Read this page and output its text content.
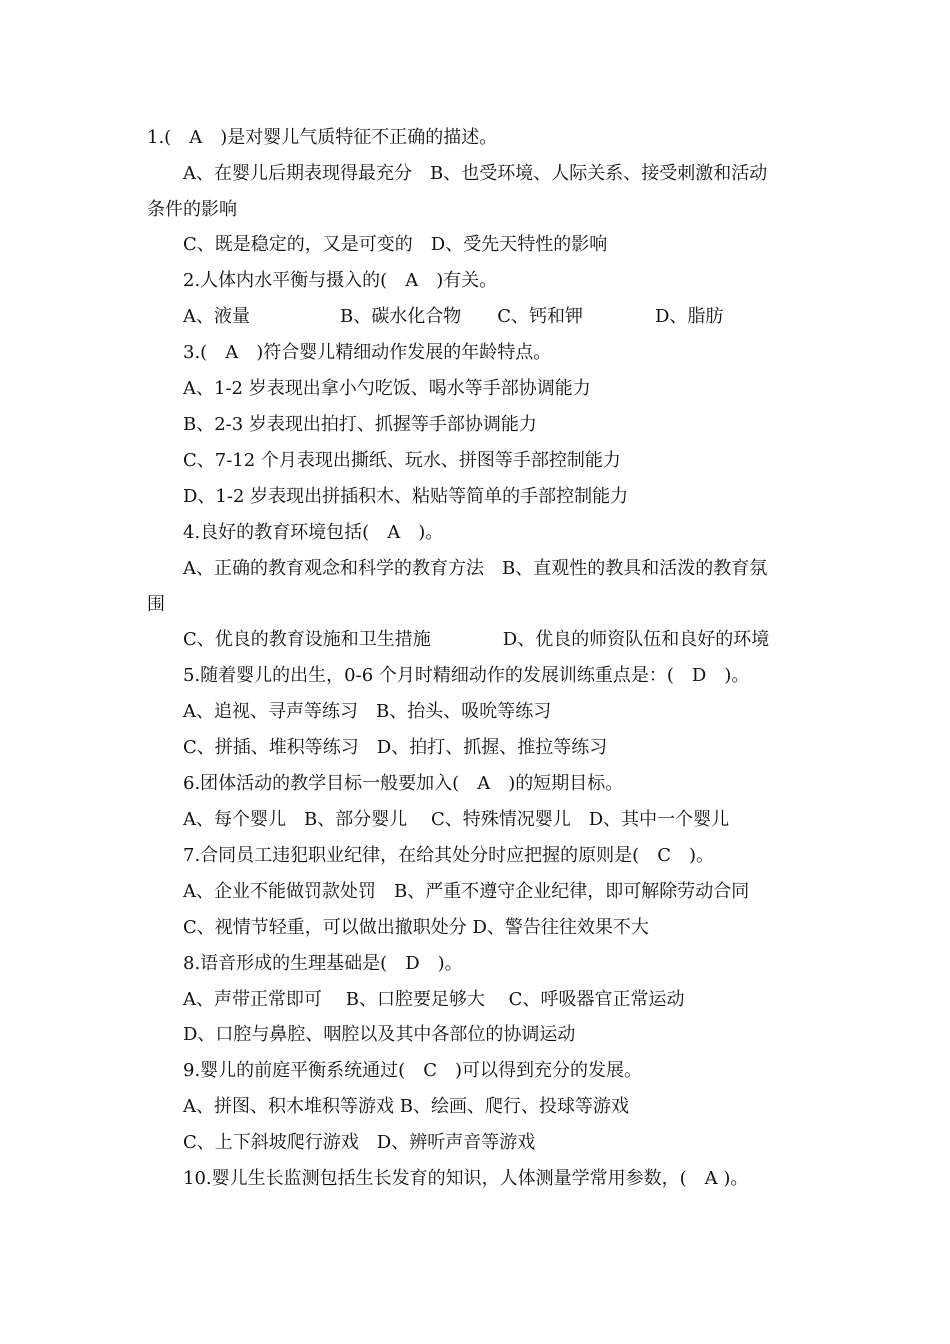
1.(　A　)是对婴儿气质特征不正确的描述。
A、在婴儿后期表现得最充分　B、也受环境、人际关系、接受刺激和活动
条件的影响
C、既是稳定的，又是可变的　D、受先天特性的影响
2.人体内水平衡与摄入的(　A　)有关。
A、液量　　　　　B、碳水化合物　　C、钙和钾　　　　D、脂肪
3.(　A　)符合婴儿精细动作发展的年龄特点。
A、1-2 岁表现出拿小勺吃饭、喝水等手部协调能力
B、2-3 岁表现出拍打、抓握等手部协调能力
C、7-12 个月表现出撕纸、玩水、拼图等手部控制能力
D、1-2 岁表现出拼插积木、粘贴等简单的手部控制能力
4.良好的教育环境包括(　A　)。
A、正确的教育观念和科学的教育方法　B、直观性的教具和活泼的教育氛
围
C、优良的教育设施和卫生措施　　　　D、优良的师资队伍和良好的环境
5.随着婴儿的出生，0-6 个月时精细动作的发展训练重点是：(　D　)。
A、追视、寻声等练习　B、抬头、吸吮等练习
C、拼插、堆积等练习　D、拍打、抓握、推拉等练习
6.团体活动的教学目标一般要加入(　A　)的短期目标。
A、每个婴儿　B、部分婴儿　 C、特殊情况婴儿　D、其中一个婴儿
7.合同员工违犯职业纪律，在给其处分时应把握的原则是(　C　)。
A、企业不能做罚款处罚　B、严重不遵守企业纪律，即可解除劳动合同
C、视情节轻重，可以做出撤职处分 D、警告往往效果不大
8.语音形成的生理基础是(　D　)。
A、声带正常即可　 B、口腔要足够大　 C、呼吸器官正常运动
D、口腔与鼻腔、咽腔以及其中各部位的协调运动
9.婴儿的前庭平衡系统通过(　C　)可以得到充分的发展。
A、拼图、积木堆积等游戏 B、绘画、爬行、投球等游戏
C、上下斜坡爬行游戏　D、辨听声音等游戏
10.婴儿生长监测包括生长发育的知识，人体测量学常用参数，(　A )。
